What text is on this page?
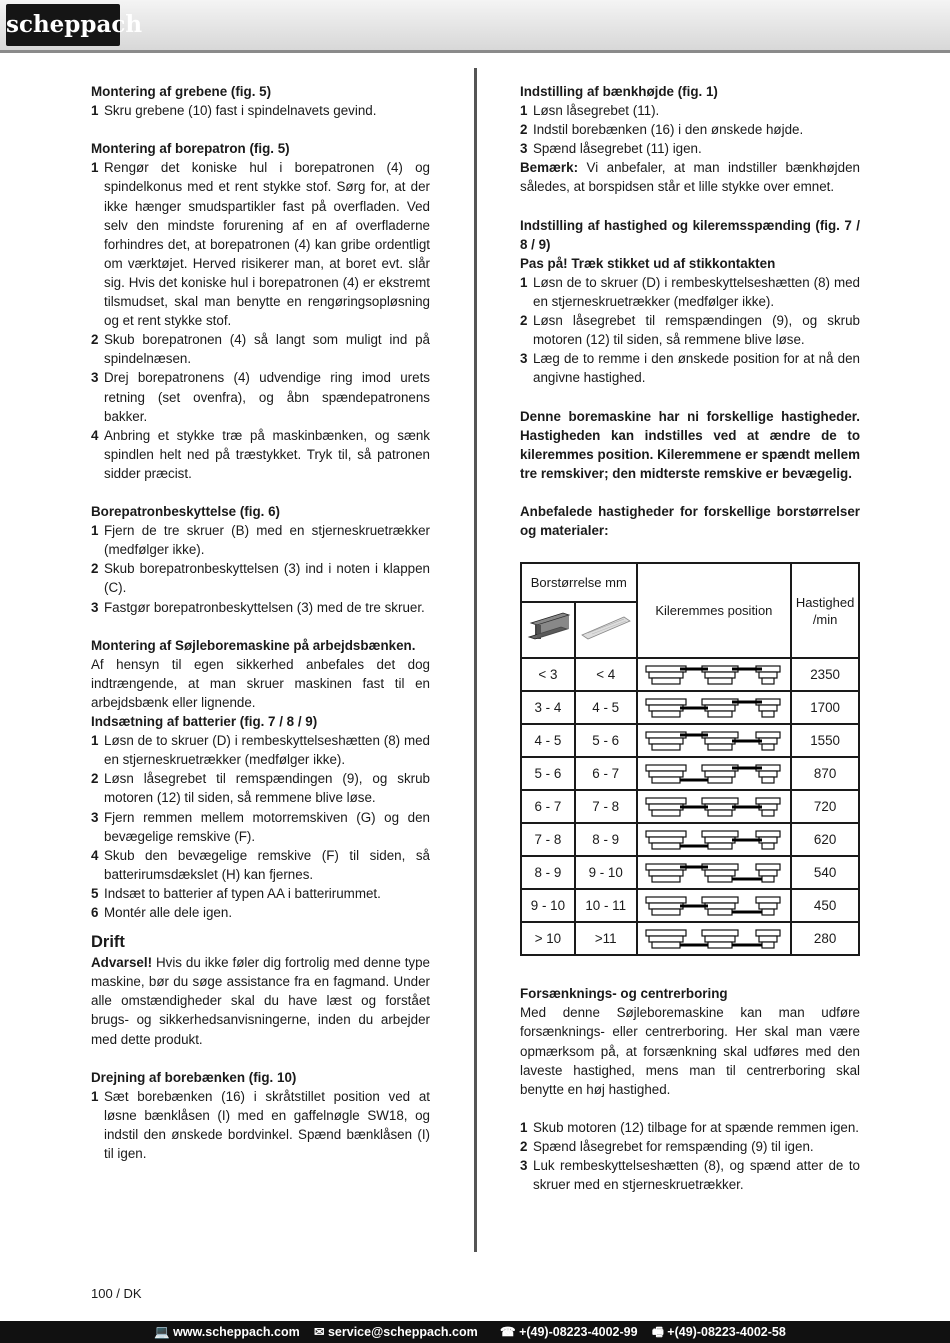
scheppach
Montering af grebene (fig. 5)
1 Skru grebene (10) fast i spindelnavets gevind.
Montering af borepatron (fig. 5)
1 Rengør det koniske hul i borepatronen (4) og spindelkonus med et rent stykke stof. Sørg for, at der ikke hænger smudspartikler fast på overfladen. Ved selv den mindste forurening af en af overfladerne forhindres det, at borepatronen (4) kan gribe ordentligt om værktøjet. Herved risikerer man, at boret evt. slår sig. Hvis det koniske hul i borepatronen (4) er ekstremt tilsmudset, skal man benytte en rengøringsopløsning og et rent stykke stof.
2 Skub borepatronen (4) så langt som muligt ind på spindelnæsen.
3 Drej borepatronens (4) udvendige ring imod urets retning (set ovenfra), og åbn spændepatronens bakker.
4 Anbring et stykke træ på maskinbænken, og sænk spindlen helt ned på træstykket. Tryk til, så patronen sidder præcist.
Borepatronbeskyttelse (fig. 6)
1 Fjern de tre skruer (B) med en stjerneskruetrækker (medfølger ikke).
2 Skub borepatronbeskyttelsen (3) ind i noten i klappen (C).
3 Fastgør borepatronbeskyttelsen (3) med de tre skruer.
Montering af Søjleboremaskine på arbejdsbænken.

Af hensyn til egen sikkerhed anbefales det dog indtrængende, at man skruer maskinen fast til en arbejdsbænk eller lignende.

Indsætning af batterier (fig. 7 / 8 / 9)
1 Løsn de to skruer (D) i rembeskyttelseshætten (8) med en stjerneskruetrækker (medfølger ikke).
2 Løsn låsegrebet til remspændingen (9), og skrub motoren (12) til siden, så remmene blive løse.
3 Fjern remmen mellem motorremskiven (G) og den bevægelige remskive (F).
4 Skub den bevægelige remskive (F) til siden, så batterirumsdækslet (H) kan fjernes.
5 Indsæt to batterier af typen AA i batterirummet.
6 Montér alle dele igen.
Drift

Advarsel! Hvis du ikke føler dig fortrolig med denne type maskine, bør du søge assistance fra en fagmand. Under alle omstændigheder skal du have læst og forstået brugs- og sikkerhedsanvisningerne, inden du arbejder med dette produkt.

Drejning af borebænken (fig. 10)
1 Sæt borebænken (16) i skråtstillet position ved at løsne bænklåsen (I) med en gaffelnøgle SW18, og indstil den ønskede bordvinkel. Spænd bænklåsen (I) til igen.
Indstilling af bænkhøjde (fig. 1)
1 Løsn låsegrebet (11).
2 Indstil borebænken (16) i den ønskede højde.
3 Spænd låsegrebet (11) igen.

Bemærk: Vi anbefaler, at man indstiller bænkhøjden således, at borspidsen står et lille stykke over emnet.

Indstilling af hastighed og kileremsspænding (fig. 7 / 8 / 9)
Pas på! Træk stikket ud af stikkontakten
1 Løsn de to skruer (D) i rembeskyttelseshætten (8) med en stjerneskruetrækker (medfølger ikke).
2 Løsn låsegrebet til remspændingen (9), og skrub motoren (12) til siden, så remmene blive løse.
3 Læg de to remme i den ønskede position for at nå den angivne hastighed.

Denne boremaskine har ni forskellige hastigheder. Hastigheden kan indstilles ved at ændre de to kileremmes position. Kileremmene er spændt mellem tre remskiver; den midterste remskive er bevægelig.

Anbefalede hastigheder for forskellige borstørrelser og materialer:

Borstørrelse mm		Kileremmes position	Hastighed /min

< 3	< 4		2350
3 - 4	4 - 5		1700
4 - 5	5 - 6		1550
5 - 6	6 - 7		870
6 - 7	7 - 8		720
7 - 8	8 - 9		620
8 - 9	9 - 10		540
9 - 10	10 - 11		450
> 10	>11		280
Forsænknings- og centrerboring

Med denne Søjleboremaskine kan man udføre forsænknings- eller centrerboring. Her skal man være opmærksom på, at forsænkning skal udføres med den laveste hastighed, mens man til centrerboring skal benytte en høj hastighed.

1 Skub motoren (12) tilbage for at spænde remmen igen.
2 Spænd låsegrebet for remspænding (9) til igen.
3 Luk rembeskyttelseshætten (8), og spænd atter de to skruer med en stjerneskruetrækker.
100 / DK
💻 www.scheppach.com ✉ service@scheppach.com ☎ +(49)-08223-4002-99 🖷 +(49)-08223-4002-58
